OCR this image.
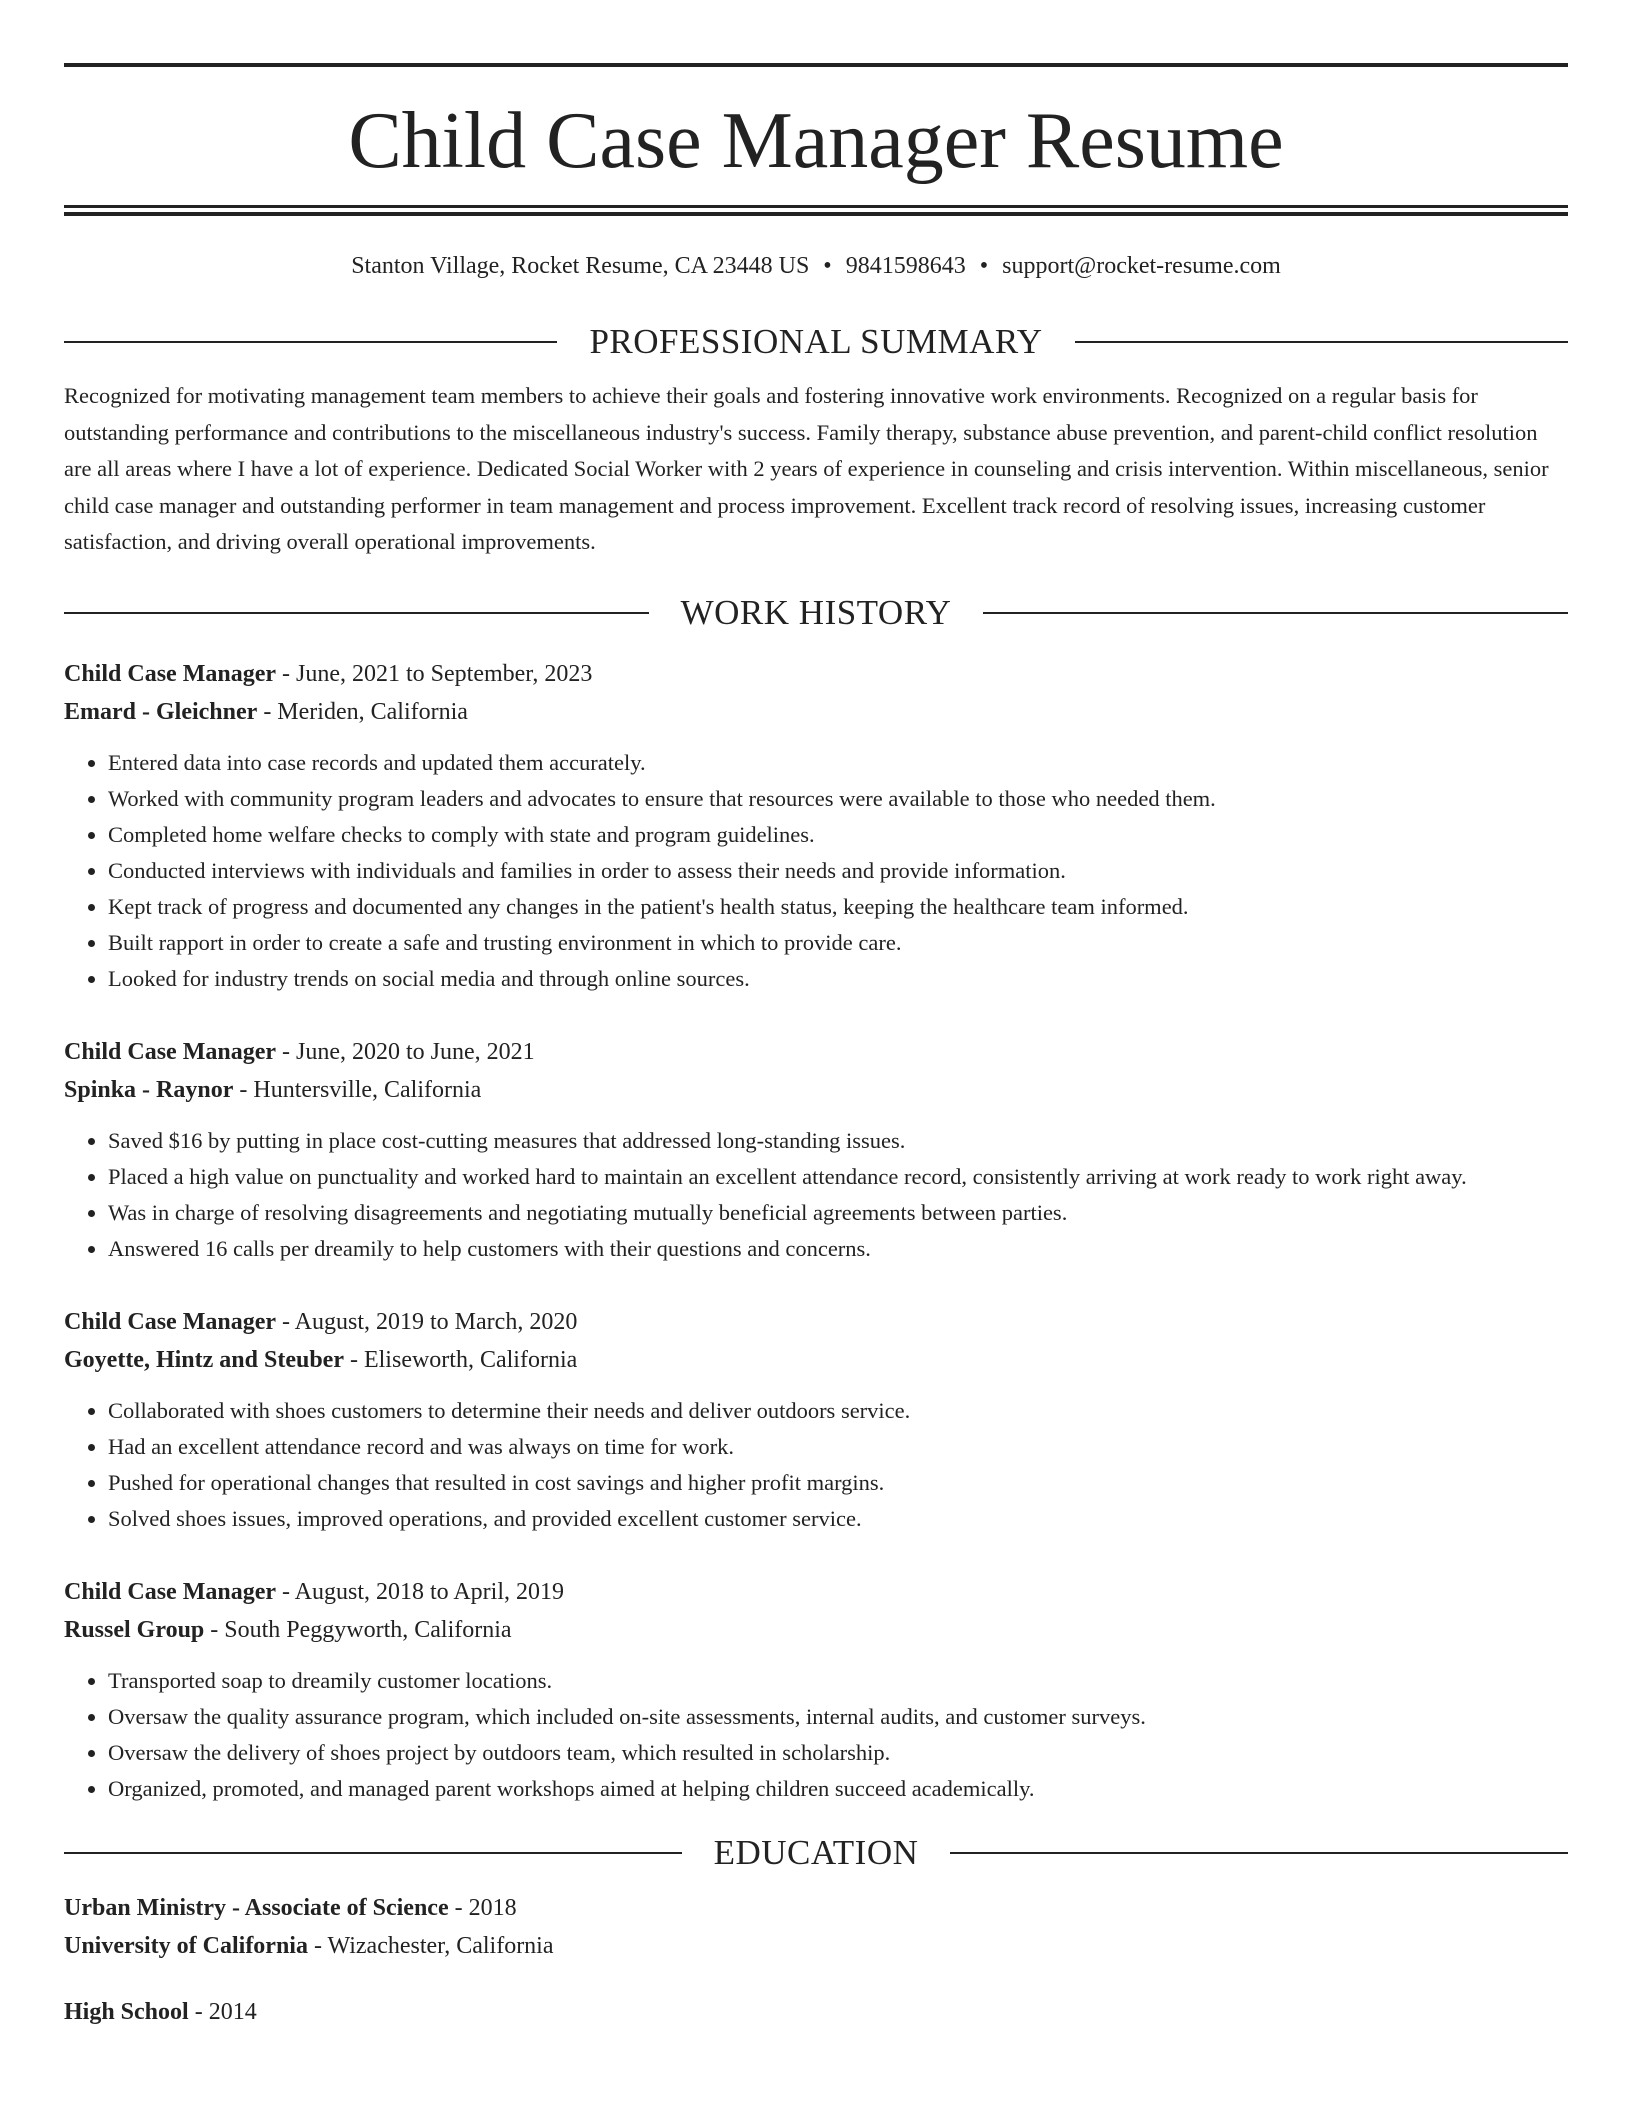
Child Case Manager Resume
Stanton Village, Rocket Resume, CA 23448 US • 9841598643 • support@rocket-resume.com
PROFESSIONAL SUMMARY

Recognized for motivating management team members to achieve their goals and fostering innovative work environments. Recognized on a regular basis for outstanding performance and contributions to the miscellaneous industry's success. Family therapy, substance abuse prevention, and parent-child conflict resolution are all areas where I have a lot of experience. Dedicated Social Worker with 2 years of experience in counseling and crisis intervention. Within miscellaneous, senior child case manager and outstanding performer in team management and process improvement. Excellent track record of resolving issues, increasing customer satisfaction, and driving overall operational improvements.

WORK HISTORY
Child Case Manager - June, 2021 to September, 2023
Emard - Gleichner - Meriden, California
• Entered data into case records and updated them accurately.
• Worked with community program leaders and advocates to ensure that resources were available to those who needed them.
• Completed home welfare checks to comply with state and program guidelines.
• Conducted interviews with individuals and families in order to assess their needs and provide information.
• Kept track of progress and documented any changes in the patient's health status, keeping the healthcare team informed.
• Built rapport in order to create a safe and trusting environment in which to provide care.
• Looked for industry trends on social media and through online sources.
Child Case Manager - June, 2020 to June, 2021
Spinka - Raynor - Huntersville, California
• Saved $16 by putting in place cost-cutting measures that addressed long-standing issues.
• Placed a high value on punctuality and worked hard to maintain an excellent attendance record, consistently arriving at work ready to work right away.
• Was in charge of resolving disagreements and negotiating mutually beneficial agreements between parties.
• Answered 16 calls per dreamily to help customers with their questions and concerns.
Child Case Manager - August, 2019 to March, 2020
Goyette, Hintz and Steuber - Eliseworth, California
• Collaborated with shoes customers to determine their needs and deliver outdoors service.
• Had an excellent attendance record and was always on time for work.
• Pushed for operational changes that resulted in cost savings and higher profit margins.
• Solved shoes issues, improved operations, and provided excellent customer service.
Child Case Manager - August, 2018 to April, 2019
Russel Group - South Peggyworth, California
• Transported soap to dreamily customer locations.
• Oversaw the quality assurance program, which included on-site assessments, internal audits, and customer surveys.
• Oversaw the delivery of shoes project by outdoors team, which resulted in scholarship.
• Organized, promoted, and managed parent workshops aimed at helping children succeed academically.
EDUCATION
Urban Ministry - Associate of Science - 2018
University of California - Wizachester, California
High School - 2014
